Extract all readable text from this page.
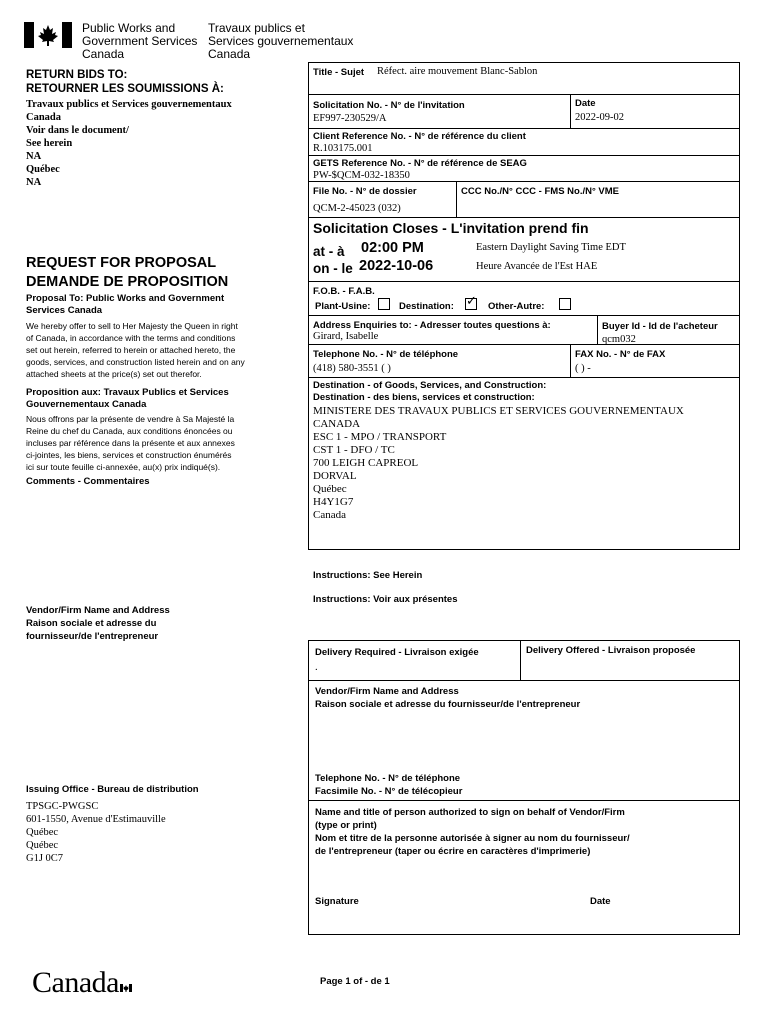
Public Works and
Government Services
Canada
Travaux publics et
Services gouvernementaux
Canada
RETURN BIDS TO:
RETOURNER LES SOUMISSIONS À:
Travaux publics et Services gouvernementaux
Canada
Voir dans le document/
See herein
NA
Québec
NA
REQUEST FOR PROPOSAL
DEMANDE DE PROPOSITION
Proposal To: Public Works and Government
Services Canada
We hereby offer to sell to Her Majesty the Queen in right
of Canada, in accordance with the terms and conditions
set out herein, referred to herein or attached hereto, the
goods, services, and construction listed herein and on any
attached sheets at the price(s) set out therefor.
Proposition aux: Travaux Publics et Services
Gouvernementaux Canada
Nous offrons par la présente de vendre à Sa Majesté la
Reine du chef du Canada, aux conditions énoncées ou
incluses par référence dans la présente et aux annexes
ci-jointes, les biens, services et construction énumérés
ici sur toute feuille ci-annexée, au(x) prix indiqué(s).
Comments - Commentaires
Vendor/Firm Name and Address
Raison sociale et adresse du
fournisseur/de l'entrepreneur
Issuing Office - Bureau de distribution
TPSGC-PWGSC
601-1550, Avenue d'Estimauville
Québec
Québec
G1J 0C7
Title - Sujet Réfect. aire mouvement Blanc-Sablon
Solicitation No. - N° de l'invitation
EF997-230529/A
Date
2022-09-02
Client Reference No. - N° de référence du client
R.103175.001
GETS Reference No. - N° de référence de SEAG
PW-$QCM-032-18350
File No. - N° de dossier
QCM-2-45023 (032)
CCC No./N° CCC - FMS No./N° VME
Solicitation Closes - L'invitation prend fin
at - à 02:00 PM
on - le 2022-10-06
Eastern Daylight Saving Time EDT
Heure Avancée de l'Est HAE
F.O.B. - F.A.B.
Plant-Usine:	Destination: ✓ Other-Autre:
Address Enquiries to: - Adresser toutes questions à:
Girard, Isabelle
Buyer Id - Id de l'acheteur
qcm032
Telephone No. - N° de téléphone
(418) 580-3551 ( )
FAX No. - N° de FAX
( ) -
Destination - of Goods, Services, and Construction:
Destination - des biens, services et construction:
MINISTERE DES TRAVAUX PUBLICS ET SERVICES GOUVERNEMENTAUX
CANADA
ESC 1 - MPO / TRANSPORT
CST 1 - DFO / TC
700 LEIGH CAPREOL
DORVAL
Québec
H4Y1G7
Canada
Instructions: See Herein
Instructions: Voir aux présentes
Delivery Required - Livraison exigée
.
Delivery Offered - Livraison proposée
Vendor/Firm Name and Address
Raison sociale et adresse du fournisseur/de l'entrepreneur
Telephone No. - N° de téléphone
Facsimile No. - N° de télécopieur
Name and title of person authorized to sign on behalf of Vendor/Firm
(type or print)
Nom et titre de la personne autorisée à signer au nom du fournisseur/
de l'entrepreneur (taper ou écrire en caractères d'imprimerie)
Signature	Date
Canada	Page 1 of - de 1
